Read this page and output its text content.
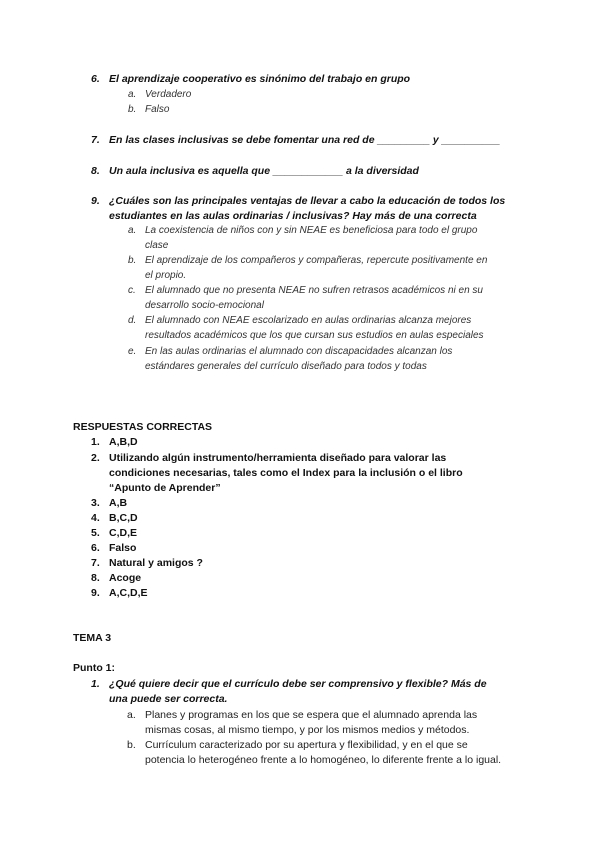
6. El aprendizaje cooperativo es sinónimo del trabajo en grupo
a. Verdadero
b. Falso
7. En las clases inclusivas se debe fomentar una red de _________ y __________
8. Un aula inclusiva es aquella que ____________ a la diversidad
9. ¿Cuáles son las principales ventajas de llevar a cabo la educación de todos los
estudiantes en las aulas ordinarias / inclusivas? Hay más de una correcta
a. La coexistencia de niños con y sin NEAE es beneficiosa para todo el grupo
clase
b. El aprendizaje de los compañeros y compañeras, repercute positivamente en
el propio.
c. El alumnado que no presenta NEAE no sufren retrasos académicos ni en su
desarrollo socio-emocional
d. El alumnado con NEAE escolarizado en aulas ordinarias alcanza mejores
resultados académicos que los que cursan sus estudios en aulas especiales
e. En las aulas ordinarias el alumnado con discapacidades alcanzan los
estándares generales del currículo diseñado para todos y todas
RESPUESTAS CORRECTAS
1. A,B,D
2. Utilizando algún instrumento/herramienta diseñado para valorar las
condiciones necesarias, tales como el Index para la inclusión o el libro
“Apunto de Aprender”
3. A,B
4. B,C,D
5. C,D,E
6. Falso
7. Natural y amigos ?
8. Acoge
9. A,C,D,E
TEMA 3
Punto 1:
1. ¿Qué quiere decir que el currículo debe ser comprensivo y flexible? Más de
una puede ser correcta.
a. Planes y programas en los que se espera que el alumnado aprenda las
mismas cosas, al mismo tiempo, y por los mismos medios y métodos.
b. Currículum caracterizado por su apertura y flexibilidad, y en el que se
potencia lo heterogéneo frente a lo homogéneo, lo diferente frente a lo igual.
